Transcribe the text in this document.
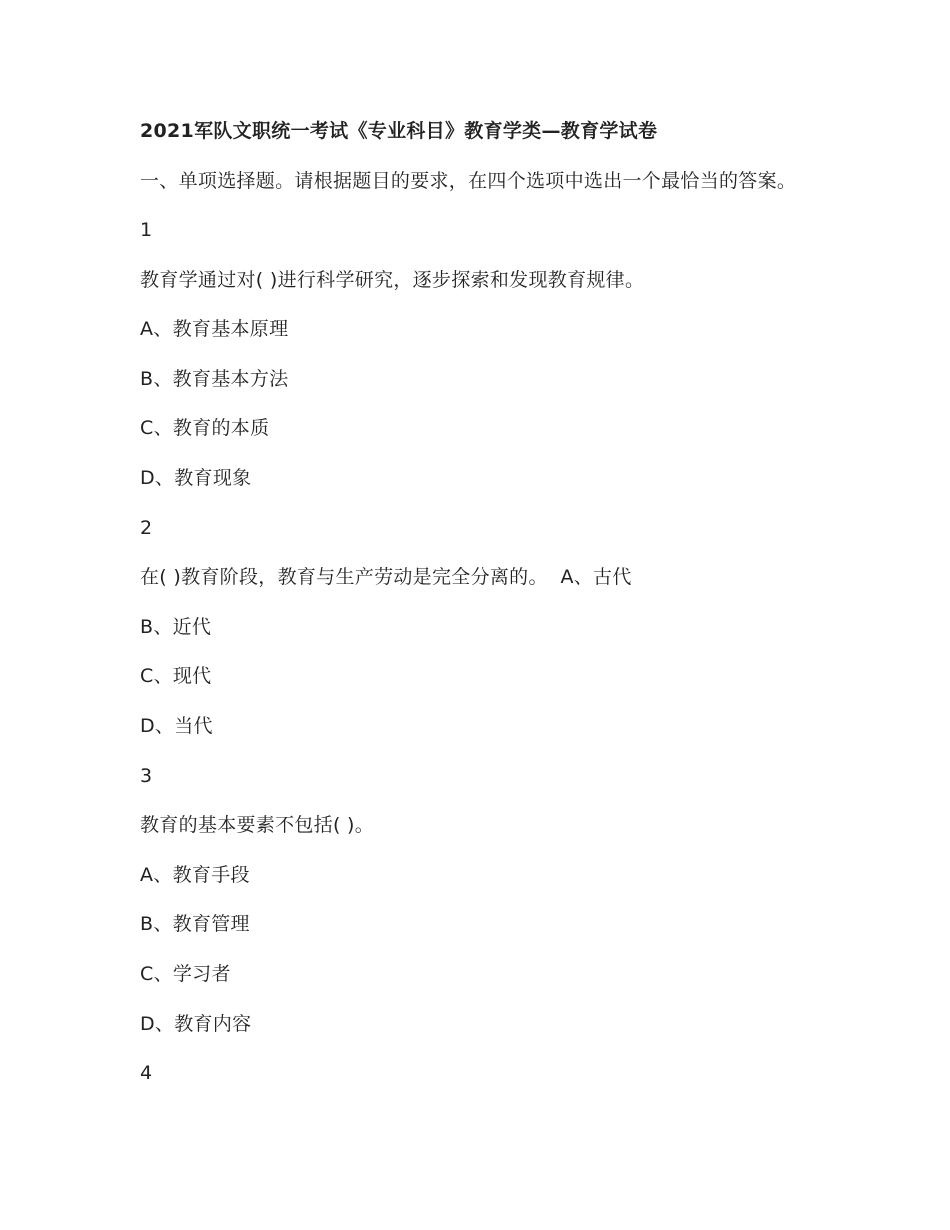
2021军队文职统一考试《专业科目》教育学类—教育学试卷
一、单项选择题。请根据题目的要求，在四个选项中选出一个最恰当的答案。
1
教育学通过对( )进行科学研究，逐步探索和发现教育规律。
A、教育基本原理
B、教育基本方法
C、教育的本质
D、教育现象
2
在( )教育阶段，教育与生产劳动是完全分离的。  A、古代
B、近代
C、现代
D、当代
3
教育的基本要素不包括( )。
A、教育手段
B、教育管理
C、学习者
D、教育内容
4
